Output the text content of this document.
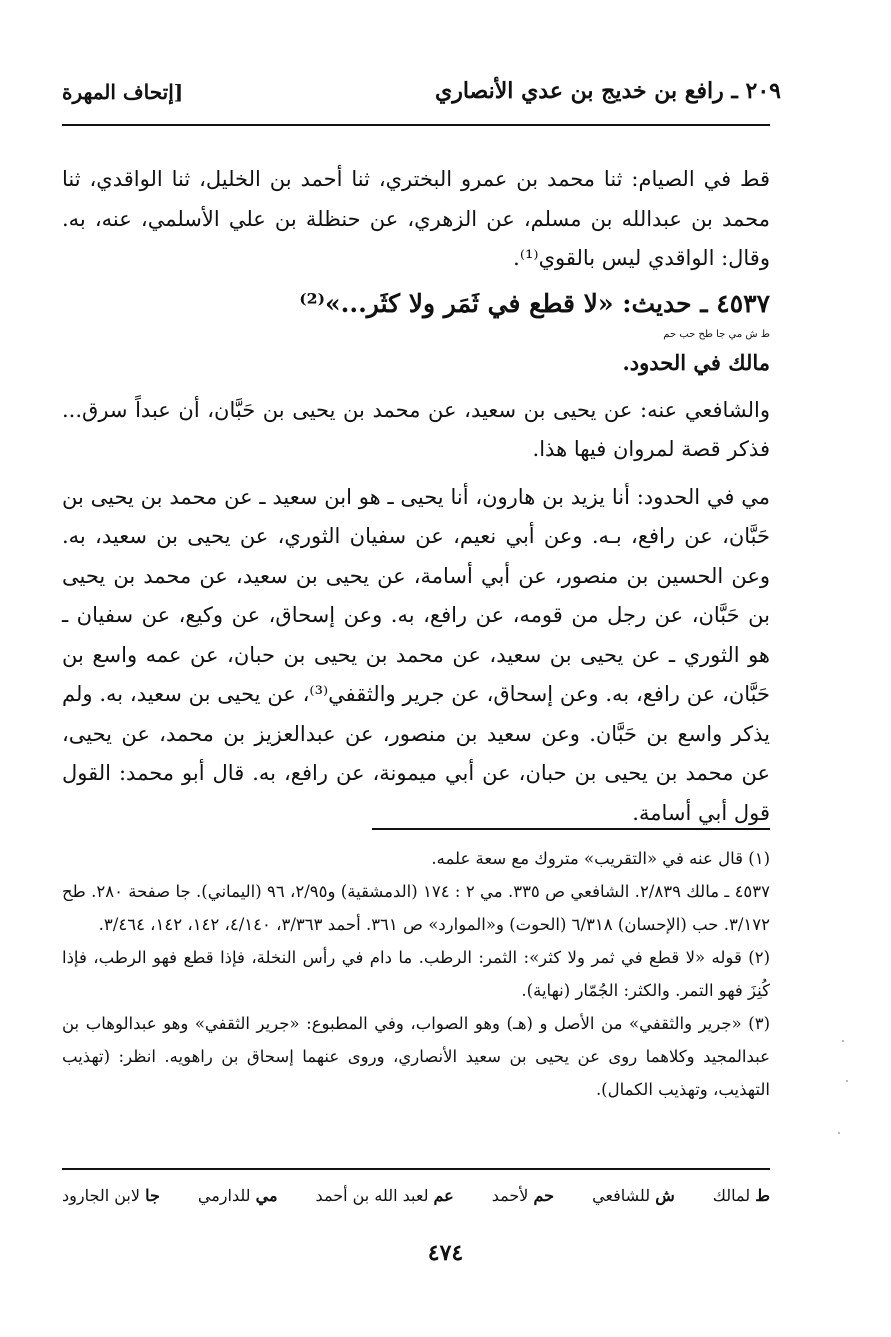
٢٠٩ ـ رافع بن خديج بن عدي الأنصاري
[إتحاف المهرة

قط في الصيام: ثنا محمد بن عمرو البختري، ثنا أحمد بن الخليل، ثنا الواقدي، ثنا محمد بن عبدالله بن مسلم، عن الزهري، عن حنظلة بن علي الأسلمي، عنه، به. وقال: الواقدي ليس بالقوي⁽¹⁾.

٤٥٣٧ ـ حديث: «لا قطع في ثَمَر ولا كثَر...»⁽²⁾

ط ش مي جا طح حب حم

مالك في الحدود.

والشافعي عنه: عن يحيى بن سعيد، عن محمد بن يحيى بن حَبَّان، أن عبداً سرق... فذكر قصة لمروان فيها هذا.

مي في الحدود: أنا يزيد بن هارون، أنا يحيى ـ هو ابن سعيد ـ عن محمد بن يحيى بن حَبَّان، عن رافع، بـه. وعن أبي نعيم، عن سفيان الثوري، عن يحيى بن سعيد، به. وعن الحسين بن منصور، عن أبي أسامة، عن يحيى بن سعيد، عن محمد بن يحيى بن حَبَّان، عن رجل من قومه، عن رافع، به. وعن إسحاق، عن وكيع، عن سفيان ـ هو الثوري ـ عن يحيى بن سعيد، عن محمد بن يحيى بن حبان، عن عمه واسع بن حَبَّان، عن رافع، به. وعن إسحاق، عن جرير والثقفي⁽³⁾، عن يحيى بن سعيد، به. ولم يذكر واسع بن حَبَّان. وعن سعيد بن منصور، عن عبدالعزيز بن محمد، عن يحيى، عن محمد بن يحيى بن حبان، عن أبي ميمونة، عن رافع، به. قال أبو محمد: القول قول أبي أسامة.

(١) قال عنه في «التقريب» متروك مع سعة علمه.

٤٥٣٧ ـ مالك ٢/٨٣٩. الشافعي ص ٣٣٥. مي ٢ : ١٧٤ (الدمشقية) و٢/٩٥، ٩٦ (اليماني). جا صفحة ٢٨٠. طح ٣/١٧٢. حب (الإحسان) ٦/٣١٨ (الحوت) و«الموارد» ص ٣٦١. أحمد ٣/٣٦٣، ٤/١٤٠، ١٤٢، ١٤٢، ٣/٤٦٤.

(٢) قوله «لا قطع في ثمر ولا كثر»: الثمر: الرطب. ما دام في رأس النخلة، فإذا قطع فهو الرطب، فإذا كُنِزَ فهو التمر. والكثر: الجُمّار (نهاية).

(٣) «جرير والثقفي» من الأصل و (هـ) وهو الصواب، وفي المطبوع: «جرير الثقفي» وهو عبدالوهاب بن عبدالمجيد وكلاهما روى عن يحيى بن سعيد الأنصاري، وروى عنهما إسحاق بن راهويه. انظر: (تهذيب التهذيب، وتهذيب الكمال).

ط لمالك
ش للشافعي
حم لأحمد
عم لعبد الله بن أحمد
مي للدارمي
جا لابن الجارود
٤٧٤
